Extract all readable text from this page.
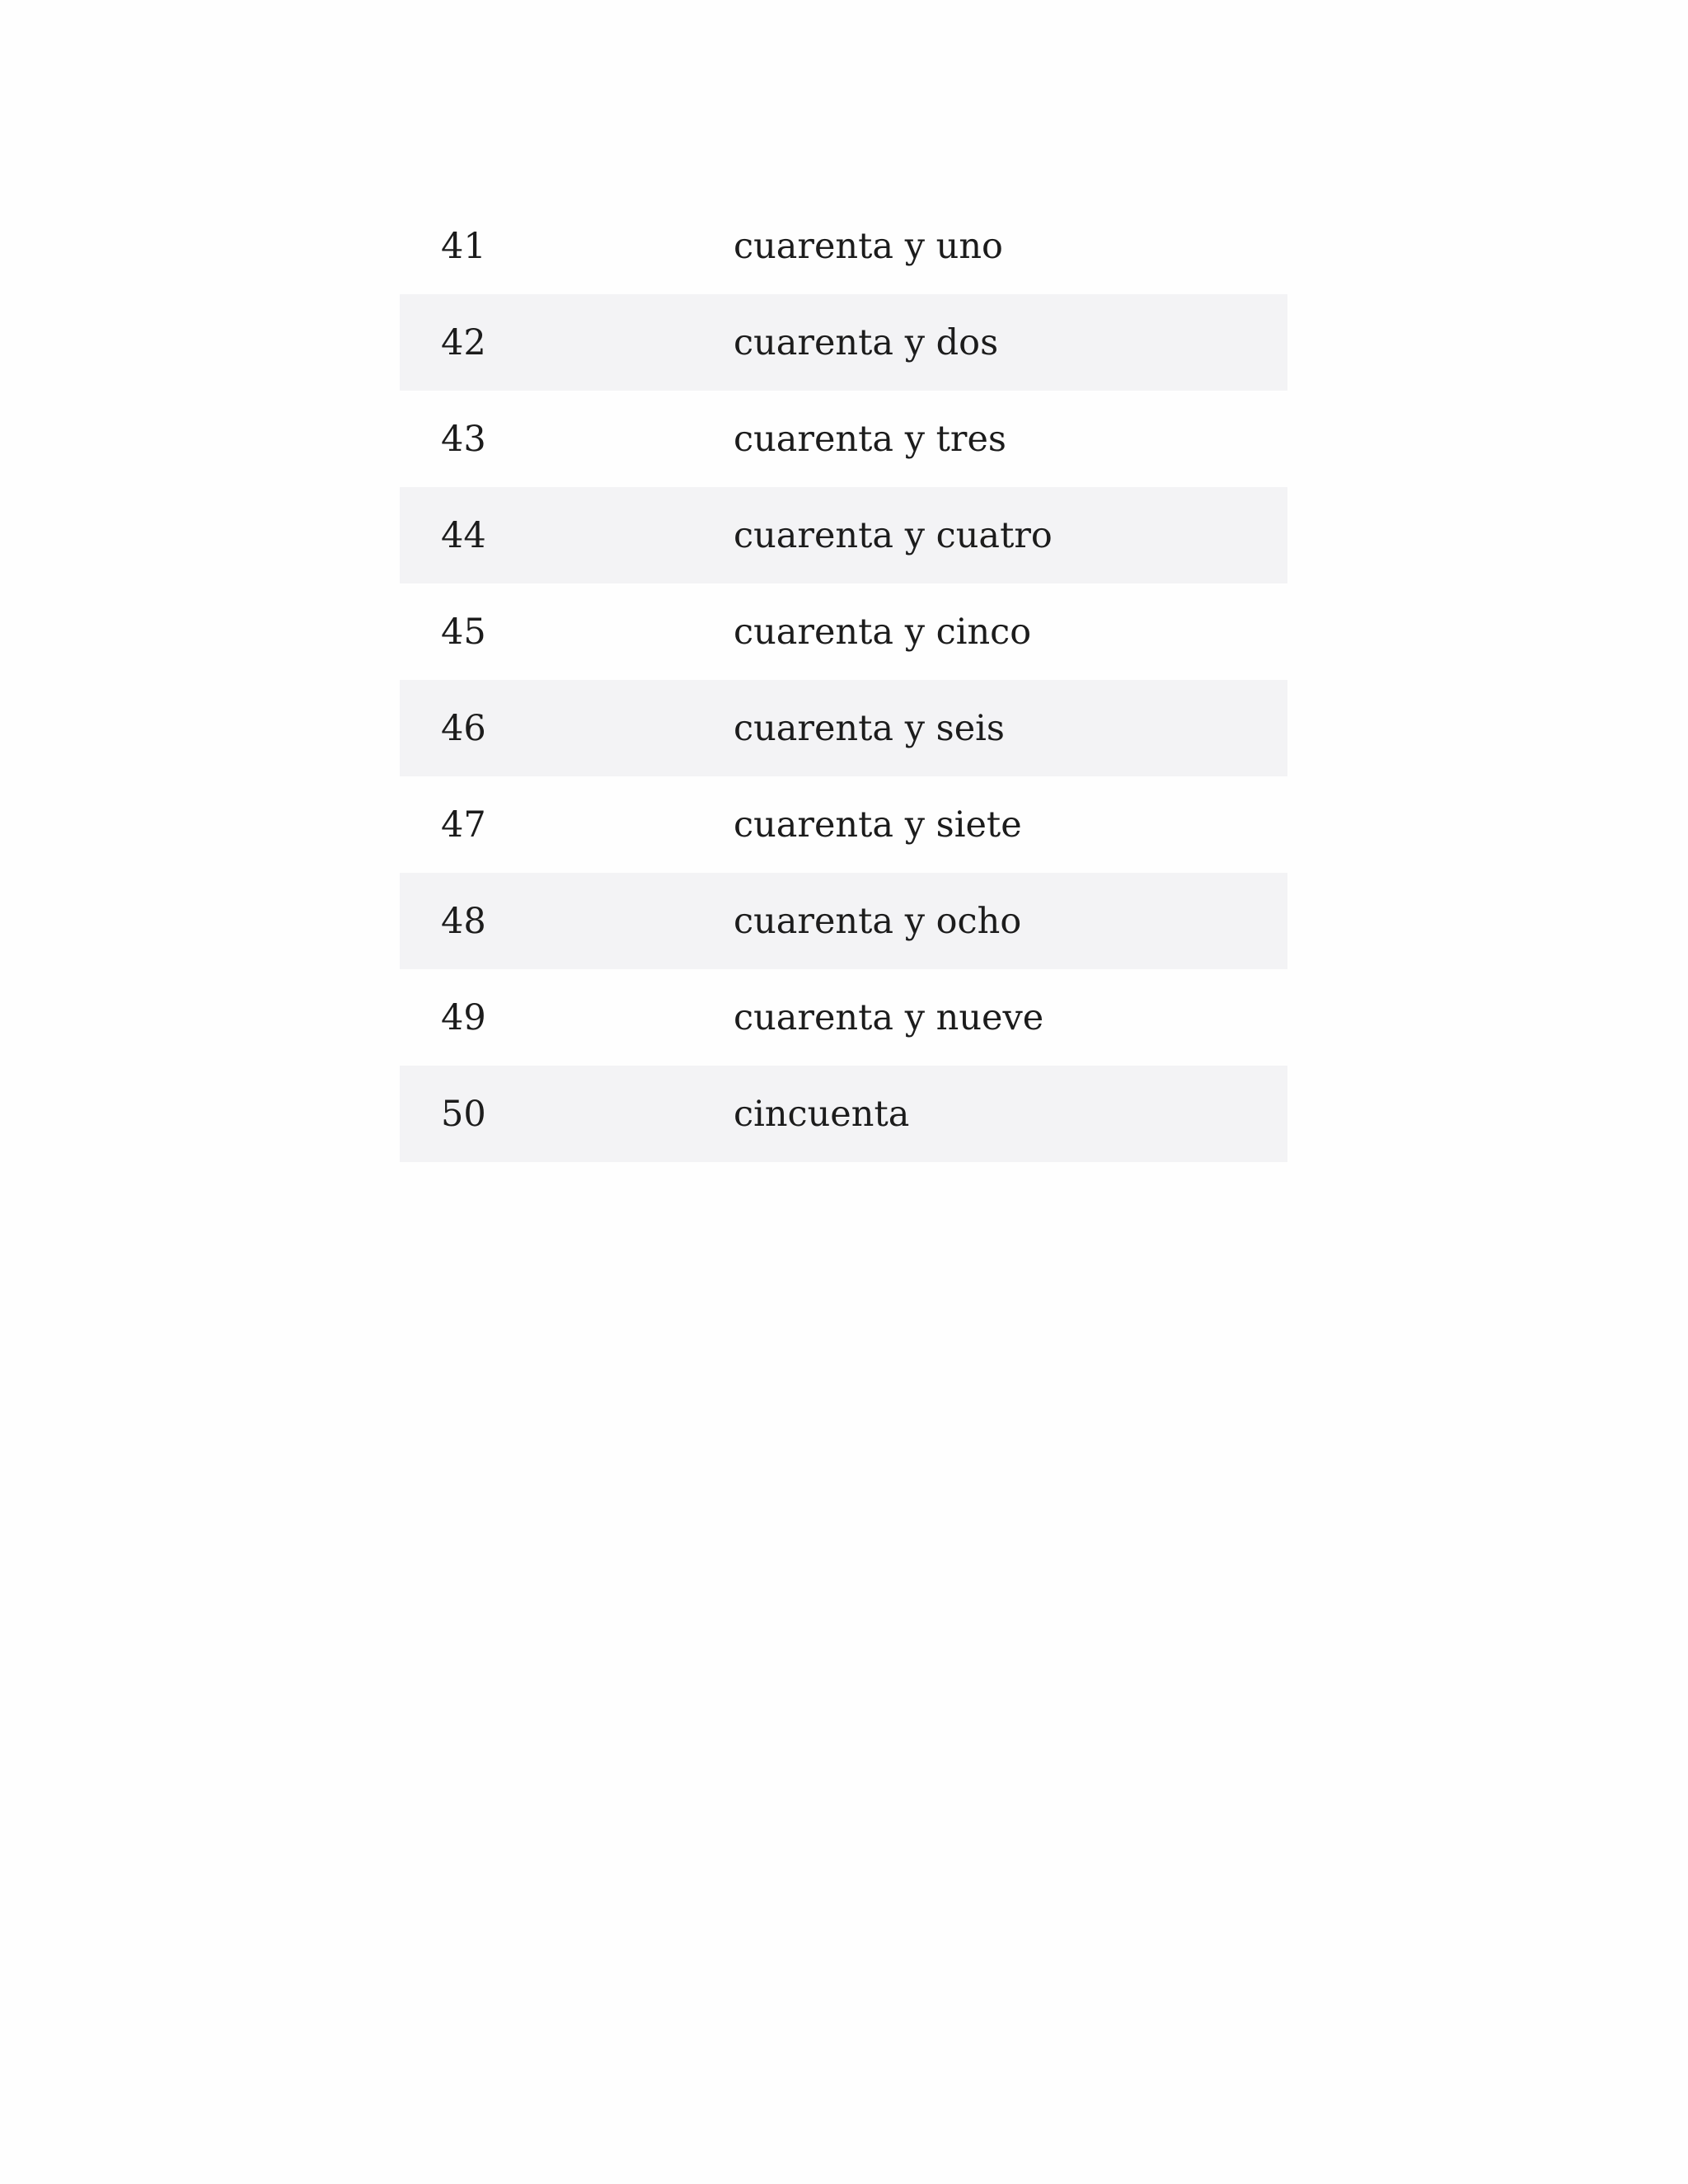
41	cuarenta y uno
42	cuarenta y dos
43	cuarenta y tres
44	cuarenta y cuatro
45	cuarenta y cinco
46	cuarenta y seis
47	cuarenta y siete
48	cuarenta y ocho
49	cuarenta y nueve
50	cincuenta
